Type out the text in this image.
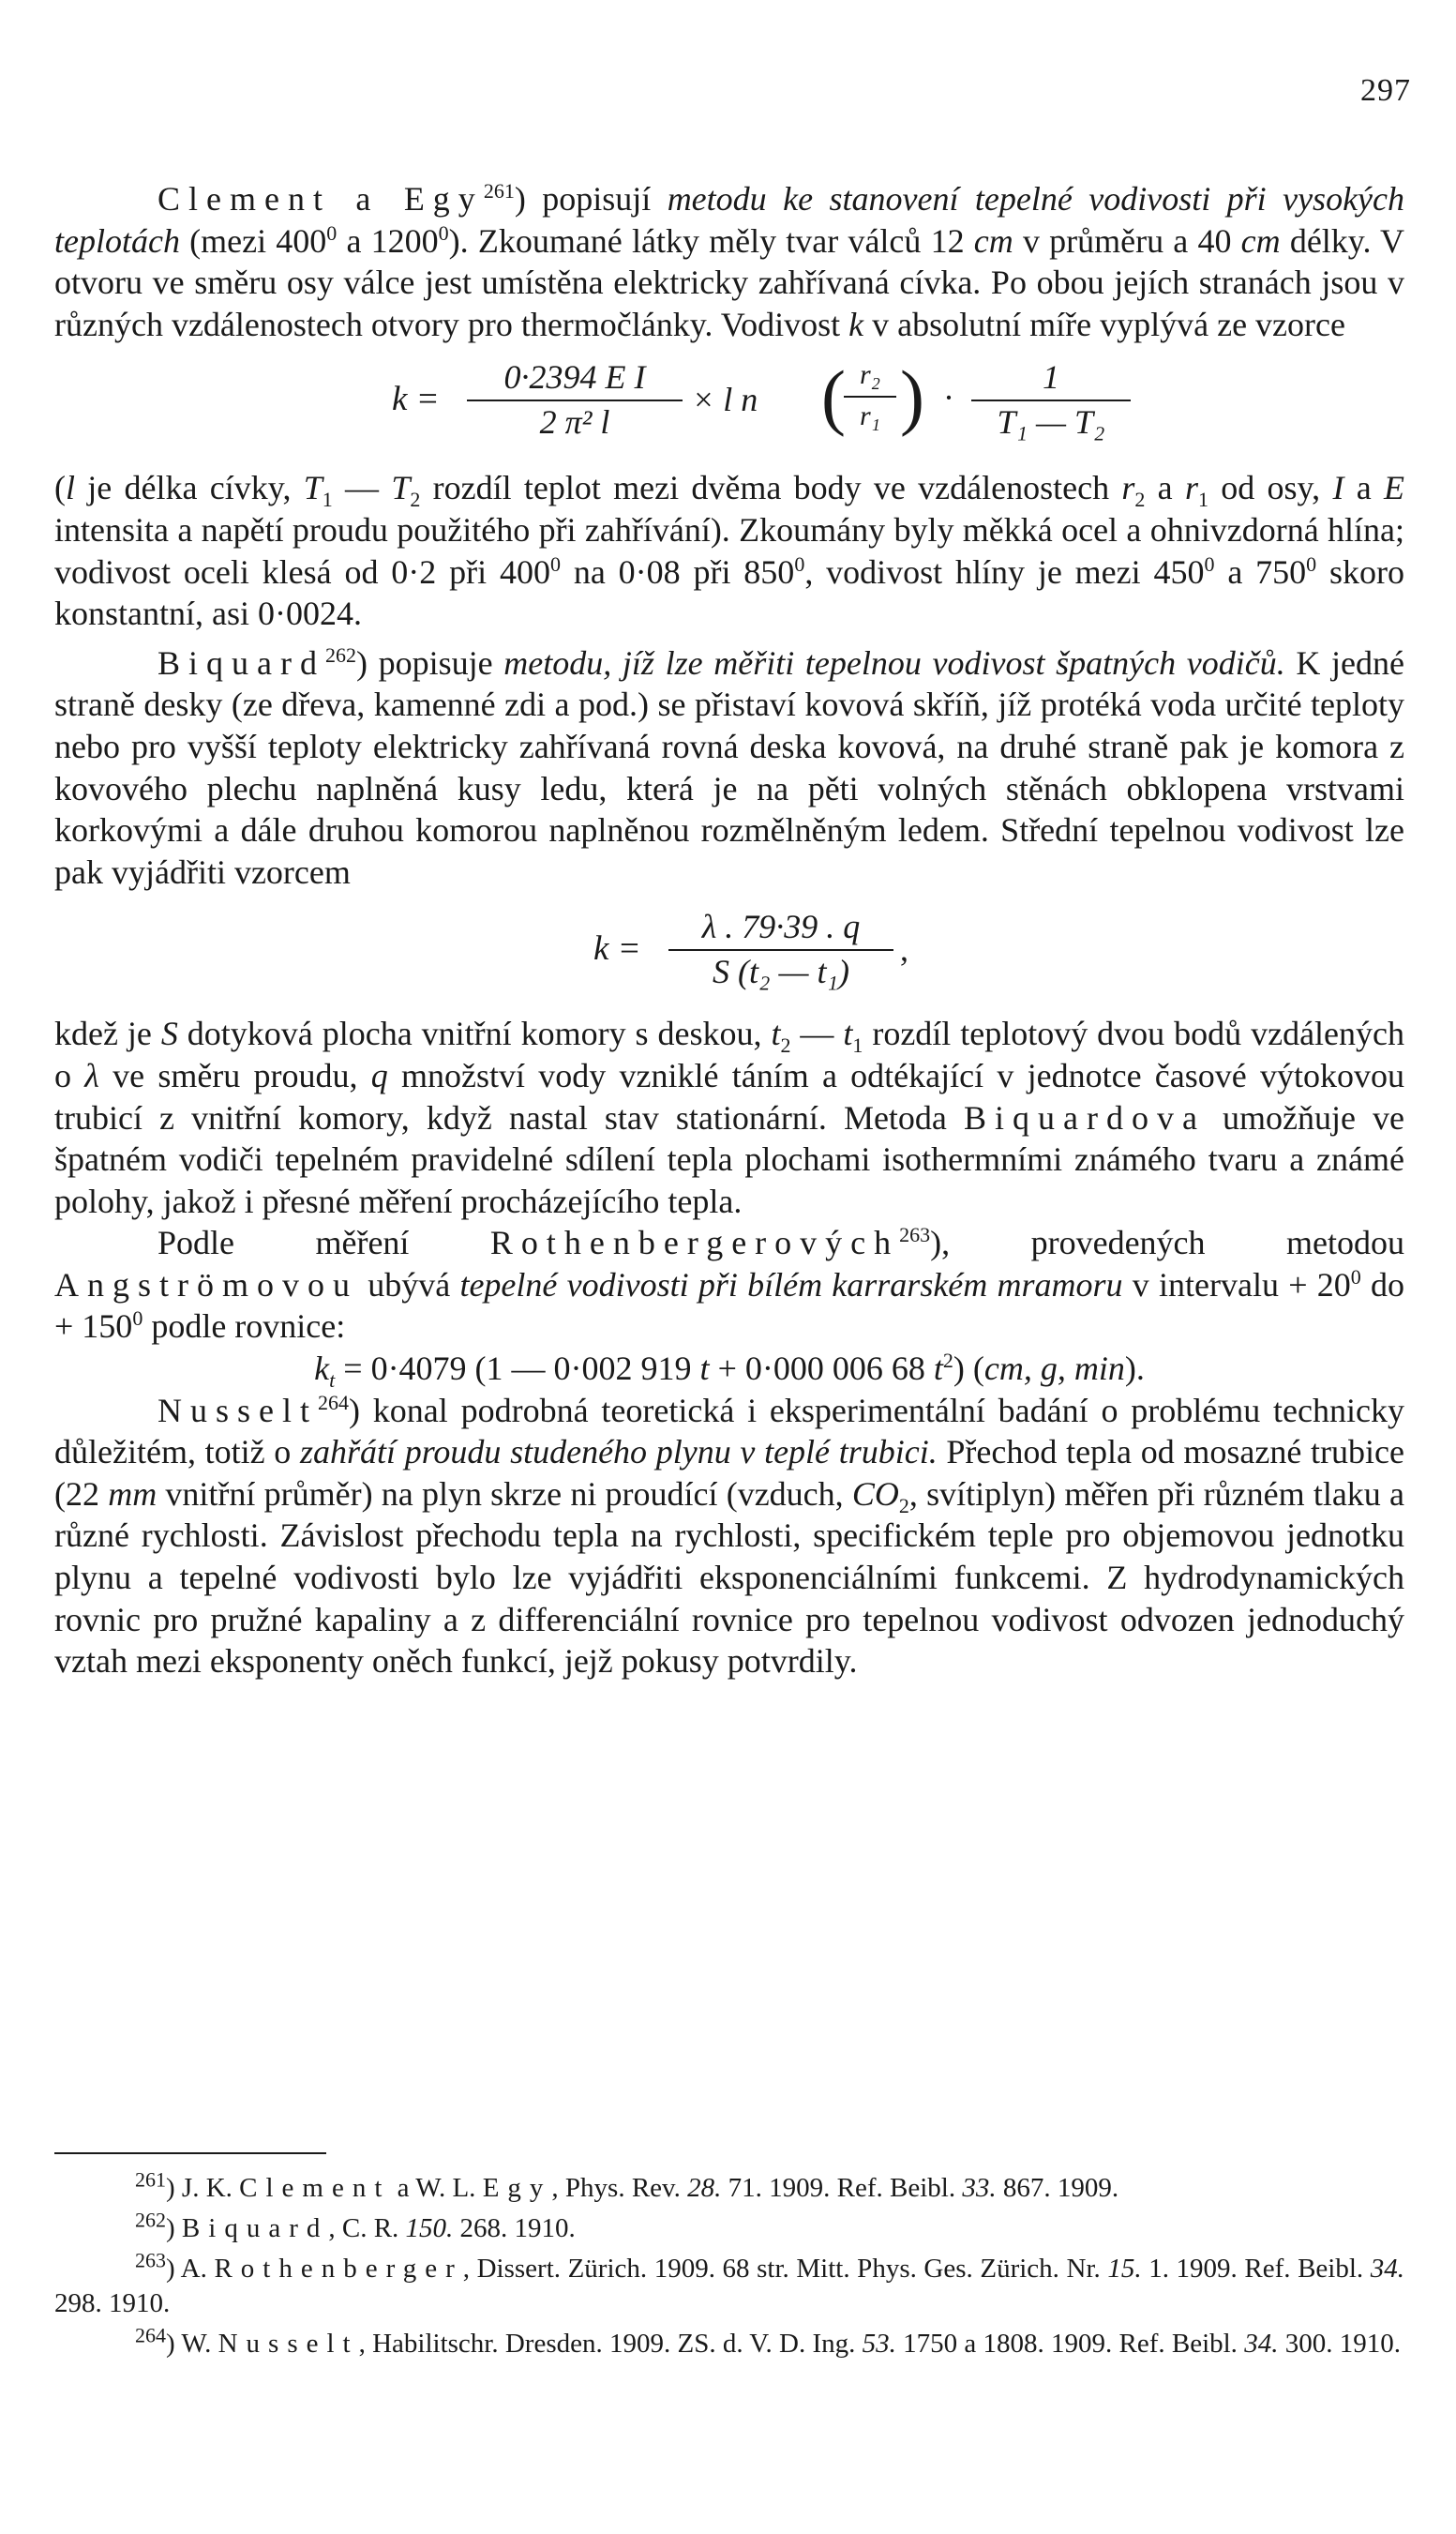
297

Clement a Egy$^{261}$) popisují metodu ke stanovení tepelné vodivosti při vysokých teplotách (mezi $400^0$ a 1200$^0$). Zkoumané látky měly tvar válců 12 cm v průměru a 40 cm délky. V otvoru ve směru osy válce jest umístěna elektricky zahřívaná cívka. Po obou jejích stranách jsou v různých vzdálenostech otvory pro thermočlánky. Vodivost k v absolutní míře vyplývá ze vzorce

$k = \frac{\text{0·2394 E I}}{\text{2 π² l}} \times l$ n (
$\frac{\text{r₂}}{\text{r₁}}$ ) · $\frac{1}{\text{T₁ — T₂}}$

(l je délka cívky, $T_1$ — $T_2$ rozdíl teplot mezi dvěma body ve vzdálenostech $r_2$ a $r_1$ od osy, I a E intensita a napětí proudu použitého při zahřívání). Zkoumány byly měkká ocel a ohnivzdorná hlína; vodivost oceli klesá od 0·2 při $400^0$ na 0·08 při $850^0$, vodivost hlíny je mezi $450^0$ a $750^0$ skoro konstantní, asi 0·0024.

Biquard$^{262}$) popisuje metodu, jíž lze měřiti tepelnou vodivost špatných vodičů. K jedné straně desky (ze dřeva, kamenné zdi a pod.) se přistaví kovová skříň, jíž protéká voda určité teploty nebo pro vyšší teploty elektricky zahřívaná rovná deska kovová, na druhé straně pak je komora z kovového plechu naplněná kusy ledu, která je na pěti volných stěnách obklopena vrstvami korkovými a dále druhou komorou naplněnou rozmělněným ledem. Střední tepelnou vodivost lze pak vyjádřiti vzorcem

$k = \frac{\lambda . 79\cdot 39 . q}{\text{S (t₂ — t₁)}}$ ,

kdež je S dotyková plocha vnitřní komory s deskou, $t_2$ — $t_1$ rozdíl teplotový dvou bodů vzdálených o λ ve směru proudu, q množství vody vzniklé táním a odtékající v jednotce časové výtokovou trubicí z vnitřní komory, když nastal stav stationární. Metoda Biquardova umožňuje ve špatném vodiči tepelném pravidelné sdílení tepla plochami isothermními známého tvaru a známé polohy, jakož i přesné měření procházejícího tepla.

Podle měření Rothenbergerových$^{263}$), provedených metodou Angströmovou ubývá tepelné vodivosti při bílém karrarském mramoru v intervalu + $20^0$ do + $150^0$ podle rovnice:

$k_t = 0\cdot 4079$ (1 — 0·002 919 t + 0·000 006 68 $t^2$) (cm, g, min).

Nusselt$^{264}$) konal podrobná teoretická i eksperimentální badání o problému technicky důležitém, totiž o zahřátí proudu studeného plynu v teplé trubici. Přechod tepla od mosazné trubice (22 mm vnitřní průměr) na plyn skrze ni proudící (vzduch, $CO_2$, svítiplyn) měřen při různém tlaku a různé rychlosti. Závislost přechodu tepla na rychlosti, specifickém teple pro objemovou jednotku plynu a tepelné vodivosti bylo lze vyjádřiti eksponenciálními funkcemi. Z hydrodynamických rovnic pro pružné kapaliny a z differenciální rovnice pro tepelnou vodivost odvozen jednoduchý vztah mezi eksponenty oněch funkcí, jejž pokusy potvrdily.

$^{261}$) J. K. Clement a W. L. Egy, Phys. Rev. 28. 71. 1909. Ref. Beibl. 33. 867. 1909.

$^{262}$) Biquard, C. R. 150. 268. 1910.

$^{263}$) A. Rothenberger, Dissert. Zürich. 1909. 68 str. Mitt. Phys. Ges. Zürich. Nr. 15. 1. 1909. Ref. Beibl. 34. 298. 1910.

$^{264}$) W. Nusselt, Habilitschr. Dresden. 1909. ZS. d. V. D. Ing. 53. 1750 a 1808. 1909. Ref. Beibl. 34. 300. 1910.
